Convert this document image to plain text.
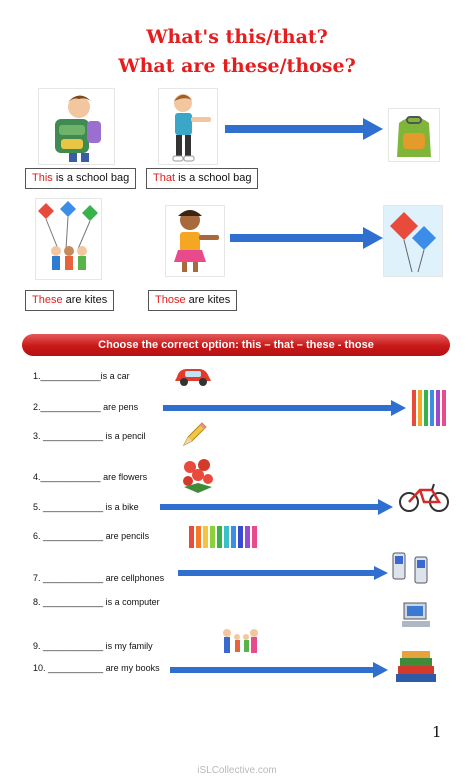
What's this/that?
What are these/those?
This is a school bag	That is a school bag
These are kites	Those are kites
Choose the correct option: this – that – these - those
1.____________is a car
2.____________ are pens
3. ____________ is a pencil
4.____________ are flowers
5. ____________ is a bike
6. ____________ are pencils
7. ____________ are cellphones
8. ____________ is a computer
9. ____________ is my family
10. ___________ are my books
1
iSLCollective.com
